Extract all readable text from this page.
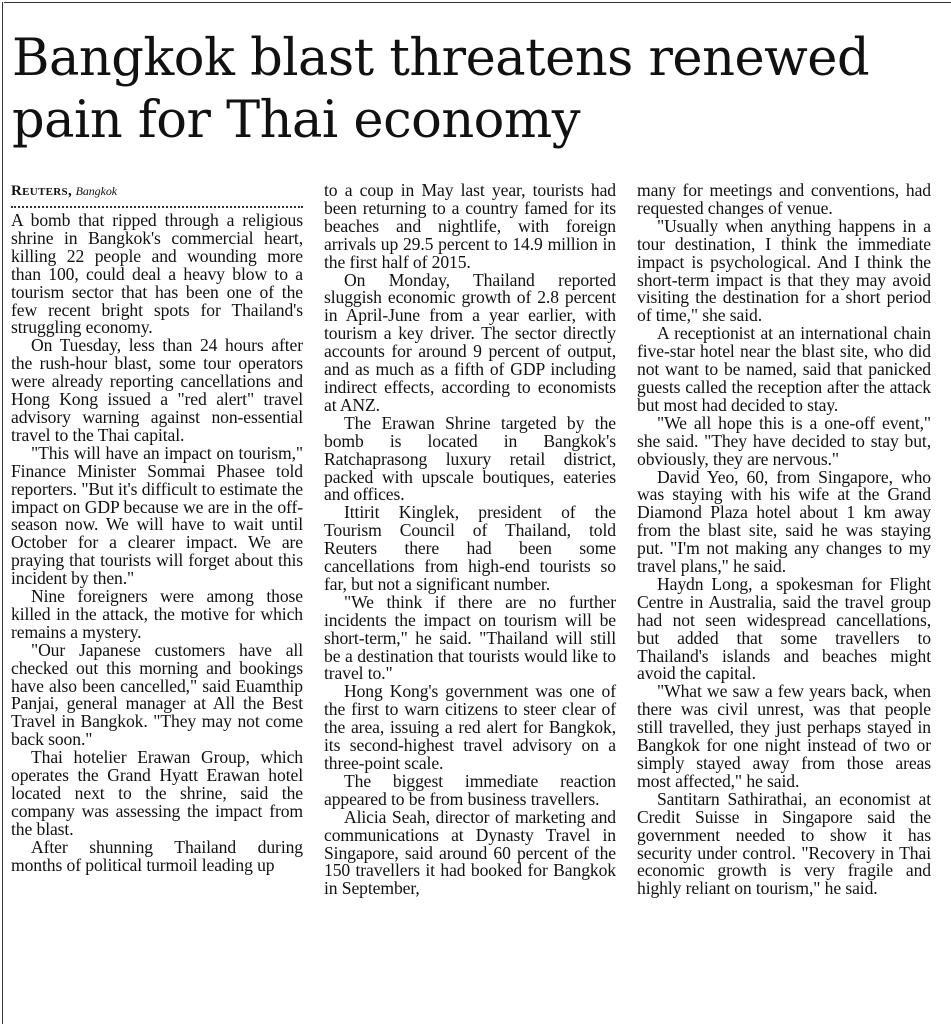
Bangkok blast threatens renewed pain for Thai economy
Reuters, Bangkok

A bomb that ripped through a religious shrine in Bangkok's commercial heart, killing 22 people and wounding more than 100, could deal a heavy blow to a tourism sector that has been one of the few recent bright spots for Thailand's struggling economy.

On Tuesday, less than 24 hours after the rush-hour blast, some tour operators were already reporting cancellations and Hong Kong issued a "red alert" travel advisory warning against non-essential travel to the Thai capital.

"This will have an impact on tourism," Finance Minister Sommai Phasee told reporters. "But it's difficult to estimate the impact on GDP because we are in the off-season now. We will have to wait until October for a clearer impact. We are praying that tourists will forget about this incident by then."

Nine foreigners were among those killed in the attack, the motive for which remains a mystery.

"Our Japanese customers have all checked out this morning and bookings have also been cancelled," said Euamthip Panjai, general manager at All the Best Travel in Bangkok. "They may not come back soon."

Thai hotelier Erawan Group, which operates the Grand Hyatt Erawan hotel located next to the shrine, said the company was assessing the impact from the blast.

After shunning Thailand during months of political turmoil leading up

to a coup in May last year, tourists had been returning to a country famed for its beaches and nightlife, with foreign arrivals up 29.5 percent to 14.9 million in the first half of 2015.

On Monday, Thailand reported sluggish economic growth of 2.8 percent in April-June from a year earlier, with tourism a key driver. The sector directly accounts for around 9 percent of output, and as much as a fifth of GDP including indirect effects, according to economists at ANZ.

The Erawan Shrine targeted by the bomb is located in Bangkok's Ratchaprasong luxury retail district, packed with upscale boutiques, eateries and offices.

Ittirit Kinglek, president of the Tourism Council of Thailand, told Reuters there had been some cancellations from high-end tourists so far, but not a significant number.

"We think if there are no further incidents the impact on tourism will be short-term," he said. "Thailand will still be a destination that tourists would like to travel to."

Hong Kong's government was one of the first to warn citizens to steer clear of the area, issuing a red alert for Bangkok, its second-highest travel advisory on a three-point scale.

The biggest immediate reaction appeared to be from business travellers.

Alicia Seah, director of marketing and communications at Dynasty Travel in Singapore, said around 60 percent of the 150 travellers it had booked for Bangkok in September,

many for meetings and conventions, had requested changes of venue.

"Usually when anything happens in a tour destination, I think the immediate impact is psychological. And I think the short-term impact is that they may avoid visiting the destination for a short period of time," she said.

A receptionist at an international chain five-star hotel near the blast site, who did not want to be named, said that panicked guests called the reception after the attack but most had decided to stay.

"We all hope this is a one-off event," she said. "They have decided to stay but, obviously, they are nervous."

David Yeo, 60, from Singapore, who was staying with his wife at the Grand Diamond Plaza hotel about 1 km away from the blast site, said he was staying put. "I'm not making any changes to my travel plans," he said.

Haydn Long, a spokesman for Flight Centre in Australia, said the travel group had not seen widespread cancellations, but added that some travellers to Thailand's islands and beaches might avoid the capital.

"What we saw a few years back, when there was civil unrest, was that people still travelled, they just perhaps stayed in Bangkok for one night instead of two or simply stayed away from those areas most affected," he said.

Santitarn Sathirathai, an economist at Credit Suisse in Singapore said the government needed to show it has security under control. "Recovery in Thai economic growth is very fragile and highly reliant on tourism," he said.
